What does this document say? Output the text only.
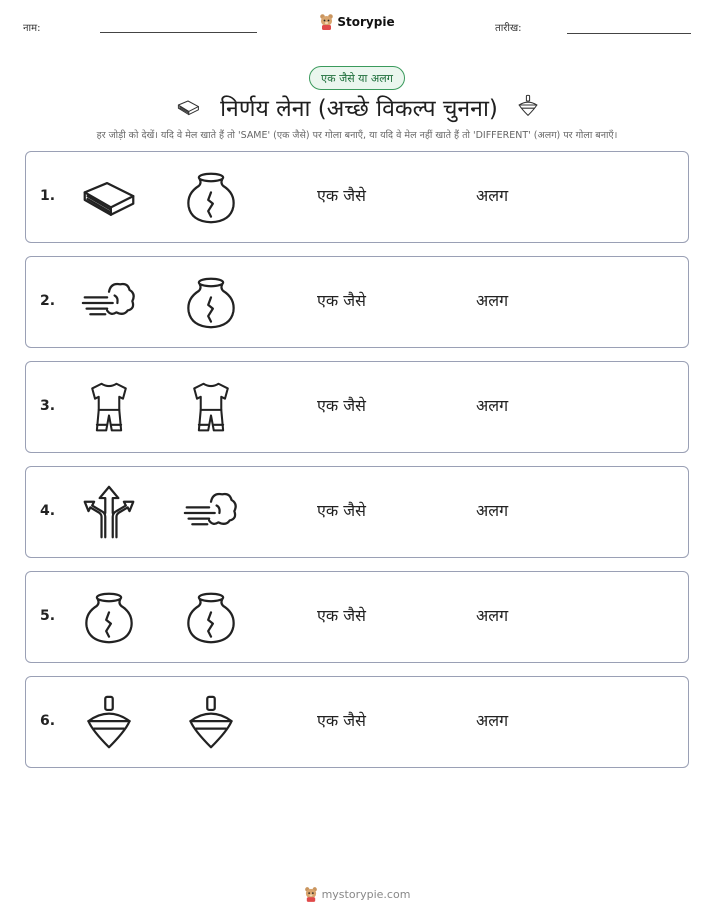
नाम:	Storypie	तारीख:
एक जैसे या अलग
निर्णय लेना (अच्छे विकल्प चुनना)
हर जोड़ी को देखें। यदि वे मेल खाते हैं तो 'SAME' (एक जैसे) पर गोला बनाएँ, या यदि वे मेल नहीं खाते हैं तो 'DIFFERENT' (अलग) पर गोला बनाएँ।
1.	एक जैसे	अलग
2.	एक जैसे	अलग
3.	एक जैसे	अलग
4.	एक जैसे	अलग
5.	एक जैसे	अलग
6.	एक जैसे	अलग
mystorypie.com
